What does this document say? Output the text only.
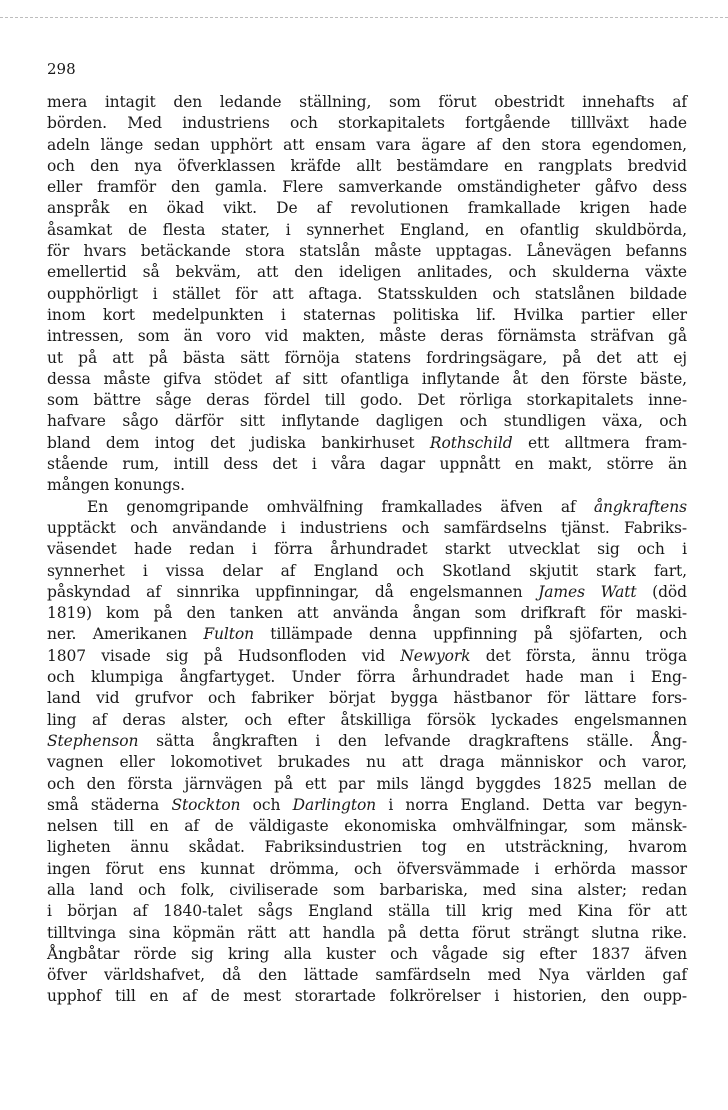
298
mera intagit den ledande ställning, som förut obestridt innehafts af
börden. Med industriens och storkapitalets fortgående tilllväxt hade
adeln länge sedan upphört att ensam vara ägare af den stora egendomen,
och den nya öfverklassen kräfde allt bestämdare en rangplats bredvid
eller framför den gamla. Flere samverkande omständigheter gåfvo dess
anspråk en ökad vikt. De af revolutionen framkallade krigen hade
åsamkat de flesta stater, i synnerhet England, en ofantlig skuldbörda,
för hvars betäckande stora statslån måste upptagas. Lånevägen befanns
emellertid så bekväm, att den ideligen anlitades, och skulderna växte
oupphörligt i stället för att aftaga. Statsskulden och statslånen bildade
inom kort medelpunkten i staternas politiska lif. Hvilka partier eller
intressen, som än voro vid makten, måste deras förnämsta sträfvan gå
ut på att på bästa sätt förnöja statens fordringsägare, på det att ej
dessa måste gifva stödet af sitt ofantliga inflytande åt den förste bäste,
som bättre såge deras fördel till godo. Det rörliga storkapitalets inne-
hafvare sågo därför sitt inflytande dagligen och stundligen växa, och
bland dem intog det judiska bankirhuset Rothschild ett alltmera fram-
stående rum, intill dess det i våra dagar uppnått en makt, större än
mången konungs.
En genomgripande omhvälfning framkallades äfven af ångkraftens
upptäckt och användande i industriens och samfärdselns tjänst. Fabriks-
väsendet hade redan i förra århundradet starkt utvecklat sig och i
synnerhet i vissa delar af England och Skotland skjutit stark fart,
påskyndad af sinnrika uppfinningar, då engelsmannen James Watt (död
1819) kom på den tanken att använda ångan som drifkraft för maski-
ner. Amerikanen Fulton tillämpade denna uppfinning på sjöfarten, och
1807 visade sig på Hudsonfloden vid Newyork det första, ännu tröga
och klumpiga ångfartyget. Under förra århundradet hade man i Eng-
land vid grufvor och fabriker börjat bygga hästbanor för lättare fors-
ling af deras alster, och efter åtskilliga försök lyckades engelsmannen
Stephenson sätta ångkraften i den lefvande dragkraftens ställe. Ång-
vagnen eller lokomotivet brukades nu att draga människor och varor,
och den första järnvägen på ett par mils längd byggdes 1825 mellan de
små städerna Stockton och Darlington i norra England. Detta var begyn-
nelsen till en af de väldigaste ekonomiska omhvälfningar, som mänsk-
ligheten ännu skådat. Fabriksindustrien tog en utsträckning, hvarom
ingen förut ens kunnat drömma, och öfversvämmade i erhörda massor
alla land och folk, civiliserade som barbariska, med sina alster; redan
i början af 1840-talet sågs England ställa till krig med Kina för att
tilltvinga sina köpmän rätt att handla på detta förut strängt slutna rike.
Ångbåtar rörde sig kring alla kuster och vågade sig efter 1837 äfven
öfver världshafvet, då den lättade samfärdseln med Nya världen gaf
upphof till en af de mest storartade folkrörelser i historien, den oupp-
